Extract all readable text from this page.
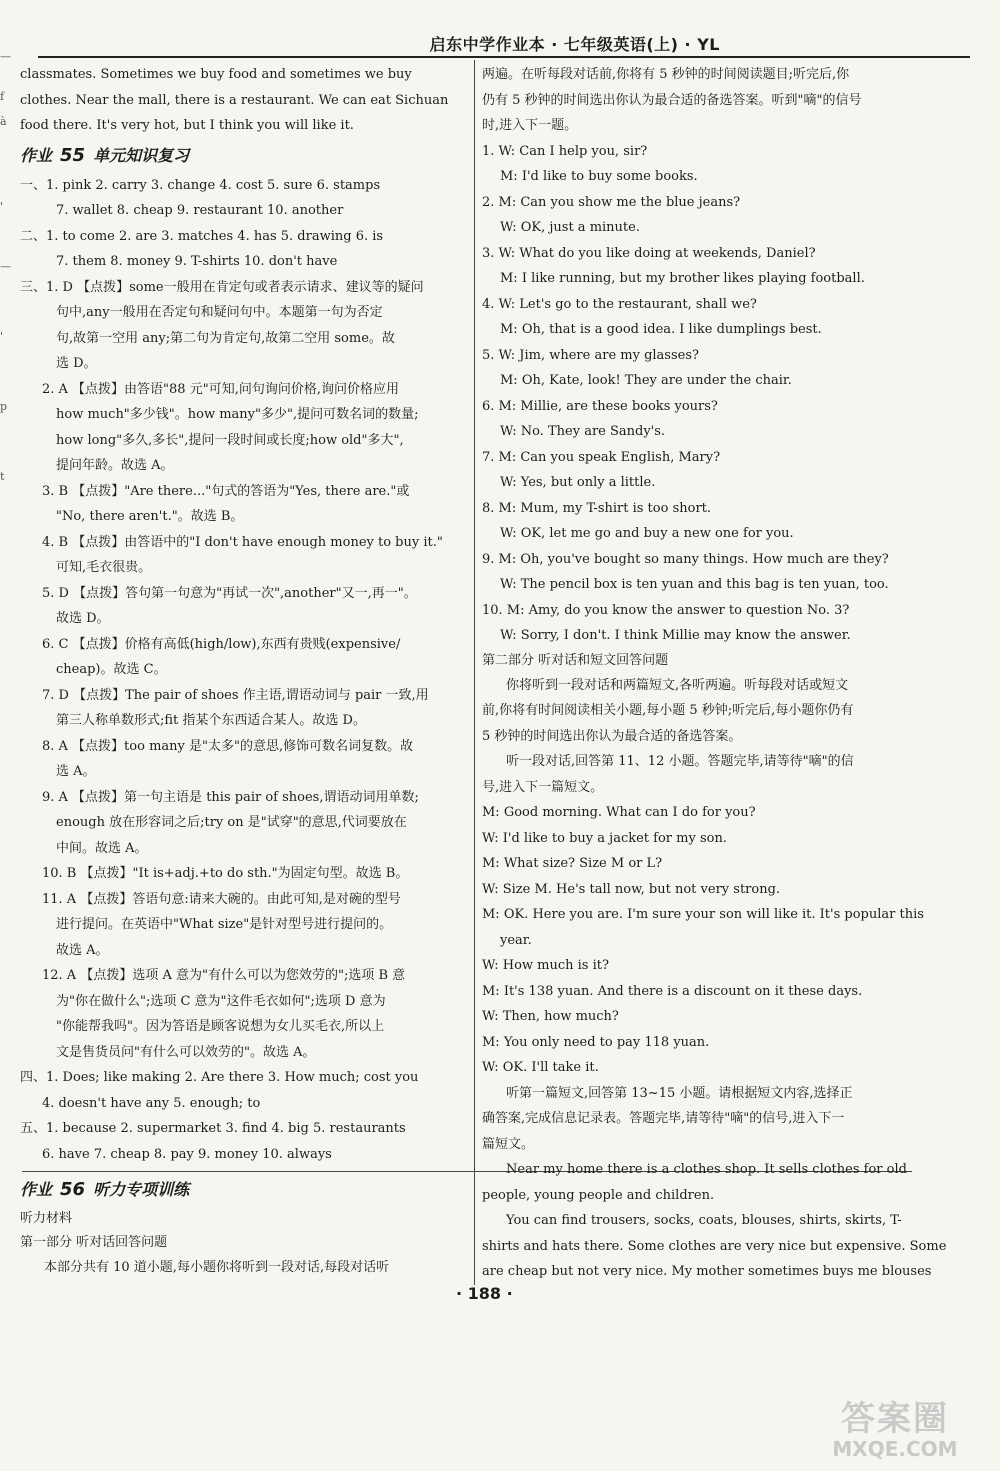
启东中学作业本 · 七年级英语(上) · YL
—
f
à
'
—
'
p
t
classmates. Sometimes we buy food and sometimes we buy
clothes. Near the mall, there is a restaurant. We can eat Sichuan
food there. It's very hot, but I think you will like it.
作业 55 单元知识复习
一、1. pink 2. carry 3. change 4. cost 5. sure 6. stamps
7. wallet 8. cheap 9. restaurant 10. another
二、1. to come 2. are 3. matches 4. has 5. drawing 6. is
7. them 8. money 9. T-shirts 10. don't have
三、1. D 【点拨】some一般用在肯定句或者表示请求、建议等的疑问
句中,any一般用在否定句和疑问句中。本题第一句为否定
句,故第一空用 any;第二句为肯定句,故第二空用 some。故
选 D。
2. A 【点拨】由答语"88 元"可知,问句询问价格,询问价格应用
how much"多少钱"。how many"多少",提问可数名词的数量;
how long"多久,多长",提问一段时间或长度;how old"多大",
提问年龄。故选 A。
3. B 【点拨】"Are there..."句式的答语为"Yes, there are."或
"No, there aren't."。故选 B。
4. B 【点拨】由答语中的"I don't have enough money to buy it."
可知,毛衣很贵。
5. D 【点拨】答句第一句意为"再试一次",another"又一,再一"。
故选 D。
6. C 【点拨】价格有高低(high/low),东西有贵贱(expensive/
cheap)。故选 C。
7. D 【点拨】The pair of shoes 作主语,谓语动词与 pair 一致,用
第三人称单数形式;fit 指某个东西适合某人。故选 D。
8. A 【点拨】too many 是"太多"的意思,修饰可数名词复数。故
选 A。
9. A 【点拨】第一句主语是 this pair of shoes,谓语动词用单数;
enough 放在形容词之后;try on 是"试穿"的意思,代词要放在
中间。故选 A。
10. B 【点拨】"It is+adj.+to do sth."为固定句型。故选 B。
11. A 【点拨】答语句意:请来大碗的。由此可知,是对碗的型号
进行提问。在英语中"What size"是针对型号进行提问的。
故选 A。
12. A 【点拨】选项 A 意为"有什么可以为您效劳的";选项 B 意
为"你在做什么";选项 C 意为"这件毛衣如何";选项 D 意为
"你能帮我吗"。因为答语是顾客说想为女儿买毛衣,所以上
文是售货员问"有什么可以效劳的"。故选 A。
四、1. Does; like making 2. Are there 3. How much; cost you
4. doesn't have any 5. enough; to
五、1. because 2. supermarket 3. find 4. big 5. restaurants
6. have 7. cheap 8. pay 9. money 10. always
作业 56 听力专项训练
听力材料
第一部分 听对话回答问题
本部分共有 10 道小题,每小题你将听到一段对话,每段对话听
两遍。在听每段对话前,你将有 5 秒钟的时间阅读题目;听完后,你
仍有 5 秒钟的时间选出你认为最合适的备选答案。听到"嘀"的信号
时,进入下一题。
1. W: Can I help you, sir?
M: I'd like to buy some books.
2. M: Can you show me the blue jeans?
W: OK, just a minute.
3. W: What do you like doing at weekends, Daniel?
M: I like running, but my brother likes playing football.
4. W: Let's go to the restaurant, shall we?
M: Oh, that is a good idea. I like dumplings best.
5. W: Jim, where are my glasses?
M: Oh, Kate, look! They are under the chair.
6. M: Millie, are these books yours?
W: No. They are Sandy's.
7. M: Can you speak English, Mary?
W: Yes, but only a little.
8. M: Mum, my T-shirt is too short.
W: OK, let me go and buy a new one for you.
9. M: Oh, you've bought so many things. How much are they?
W: The pencil box is ten yuan and this bag is ten yuan, too.
10. M: Amy, do you know the answer to question No. 3?
W: Sorry, I don't. I think Millie may know the answer.
第二部分 听对话和短文回答问题
你将听到一段对话和两篇短文,各听两遍。听每段对话或短文
前,你将有时间阅读相关小题,每小题 5 秒钟;听完后,每小题你仍有
5 秒钟的时间选出你认为最合适的备选答案。
听一段对话,回答第 11、12 小题。答题完毕,请等待"嘀"的信
号,进入下一篇短文。
M: Good morning. What can I do for you?
W: I'd like to buy a jacket for my son.
M: What size? Size M or L?
W: Size M. He's tall now, but not very strong.
M: OK. Here you are. I'm sure your son will like it. It's popular this
year.
W: How much is it?
M: It's 138 yuan. And there is a discount on it these days.
W: Then, how much?
M: You only need to pay 118 yuan.
W: OK. I'll take it.
听第一篇短文,回答第 13~15 小题。请根据短文内容,选择正
确答案,完成信息记录表。答题完毕,请等待"嘀"的信号,进入下一
篇短文。
Near my home there is a clothes shop. It sells clothes for old
people, young people and children.
You can find trousers, socks, coats, blouses, shirts, skirts, T-
shirts and hats there. Some clothes are very nice but expensive. Some
are cheap but not very nice. My mother sometimes buys me blouses
· 188 ·
答案圈
MXQE.COM
